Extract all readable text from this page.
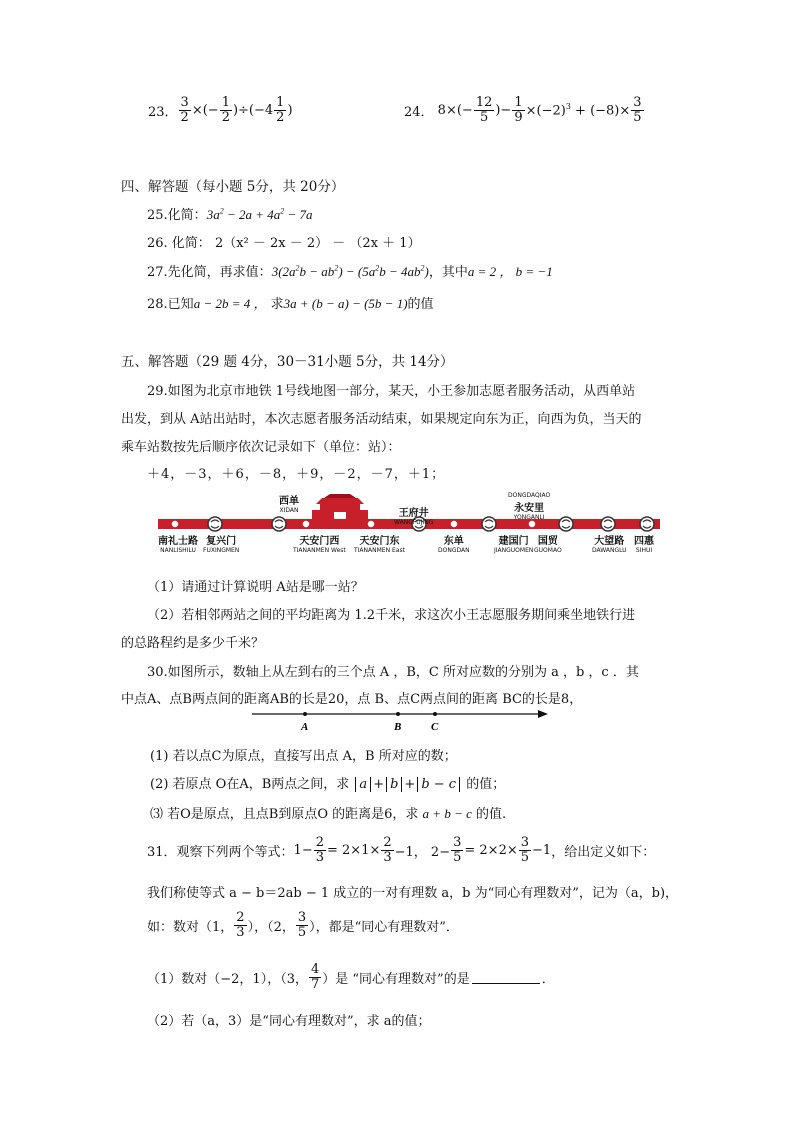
23． $\frac{3}{2}$ ×(− $\frac{1}{2} )\div(-4 \frac{1}{2}$ )	24． $8\times(- \frac{12}{5}$ )− $\frac{1}{9} \times(-2)^3 + (-8)\times \frac{3}{5}$
四、解答题（每小题 5分，共 20分）
25.化简：$3a^2 - 2a + 4a^2 - 7a$
26. 化简： 2（x² － 2x － 2） － （2x ＋ 1）
27.先化简，再求值：$3(2a^2b - ab^2) - (5a^2b - 4ab^2)$，其中a = 2 ， b = −1
28.已知a − 2b = 4 ， 求3a + (b − a) − (5b − 1)的值
五、解答题（29 题 4分，30－31小题 5分，共 14分）
29.如图为北京市地铁 1号线地图一部分，某天，小王参加志愿者服务活动，从西单站
出发，到从 A站出站时，本次志愿者服务活动结束，如果规定向东为正，向西为负，当天的
乘车站数按先后顺序依次记录如下（单位：站）：
＋4，－3，＋6，－8，＋9，－2，－7，＋1；
南礼士路
NANLISHILU
复兴门
FUXINGMEN
西单
XIDAN
天安门西
TIANANMEN West
天安门东
TIANANMEN East
王府井
WANGFUJING
东单
DONGDAN
建国门
JIANGUOMEN
DONGDAQIAO
永安里
YONGANLI
国贸
GUOMAO
大望路
DAWANGLU
四惠
SIHUI
（1）请通过计算说明 A站是哪一站？
（2）若相邻两站之间的平均距离为 1.2千米，求这次小王志愿服务期间乘坐地铁行进
的总路程约是多少千米？
30.如图所示，数轴上从左到右的三个点 A ，B，C 所对应数的分别为 a ，b ，c ．其
中点A、点B两点间的距离AB的长是20，点 B、点C两点间的距离 BC的长是8，
A	B	C
(1) 若以点C为原点，直接写出点 A，B 所对应的数；
(2) 若原点 O在A，B两点之间，求 a + b + b − c 的值；
⑶ 若O是原点，且点B到原点O 的距离是6，求 a + b − c 的值.
31．观察下列两个等式： $1- \frac{2}{3} = 2\times 1\times \frac{2}{3} -1$， $2- \frac{3}{5} = 2\times 2\times \frac{3}{5} -1$ ，给出定义如下：
我们称使等式 a − b＝2ab − 1 成立的一对有理数 a，b 为“同心有理数对”，记为（a，b)，
如：数对（1， $\frac{2}{3}$ ），（2， $\frac{3}{5}$ ），都是“同心有理数对”．
（1）数对（−2，1），（3， $\frac{4}{7}$ ）是 “同心有理数对”的是	．
（2）若（a，3）是“同心有理数对”，求 a的值；
